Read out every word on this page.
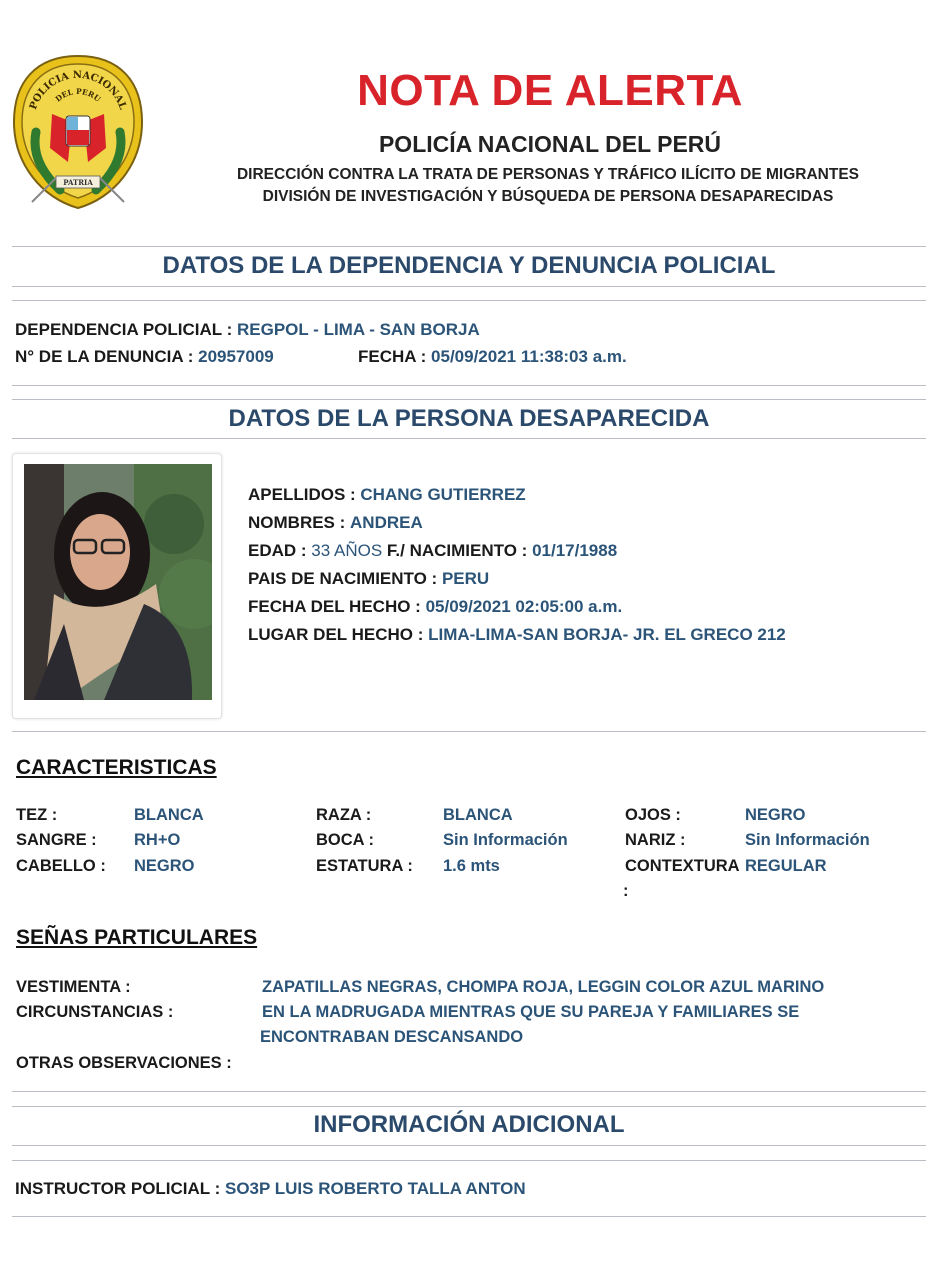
POLICIA NACIONAL
DEL PERU
PATRIA
NOTA DE ALERTA
POLICÍA NACIONAL DEL PERÚ
DIRECCIÓN CONTRA LA TRATA DE PERSONAS Y TRÁFICO ILÍCITO DE MIGRANTES
DIVISIÓN DE INVESTIGACIÓN Y BÚSQUEDA DE PERSONA DESAPARECIDAS
DATOS DE LA DEPENDENCIA Y DENUNCIA POLICIAL
DEPENDENCIA POLICIAL : REGPOL - LIMA - SAN BORJA
N° DE LA DENUNCIA : 20957009	FECHA : 05/09/2021 11:38:03 a.m.
DATOS DE LA PERSONA DESAPARECIDA
APELLIDOS : CHANG GUTIERREZ
NOMBRES : ANDREA
EDAD : 33 AÑOS F./ NACIMIENTO : 01/17/1988
PAIS DE NACIMIENTO : PERU
FECHA DEL HECHO : 05/09/2021 02:05:00 a.m.
LUGAR DEL HECHO : LIMA-LIMA-SAN BORJA- JR. EL GRECO 212
CARACTERISTICAS
TEZ :	BLANCA	RAZA :	BLANCA	OJOS :	NEGRO
SANGRE : RH+O	BOCA :	Sin Información	NARIZ :	Sin Información
CABELLO : NEGRO	ESTATURA : 1.6 mts	CONTEXTURA REGULAR
:
SEÑAS PARTICULARES
VESTIMENTA :	ZAPATILLAS NEGRAS, CHOMPA ROJA, LEGGIN COLOR AZUL MARINO
CIRCUNSTANCIAS :	EN LA MADRUGADA MIENTRAS QUE SU PAREJA Y FAMILIARES SE
ENCONTRABAN DESCANSANDO
OTRAS OBSERVACIONES :
INFORMACIÓN ADICIONAL
INSTRUCTOR POLICIAL : SO3P LUIS ROBERTO TALLA ANTON
